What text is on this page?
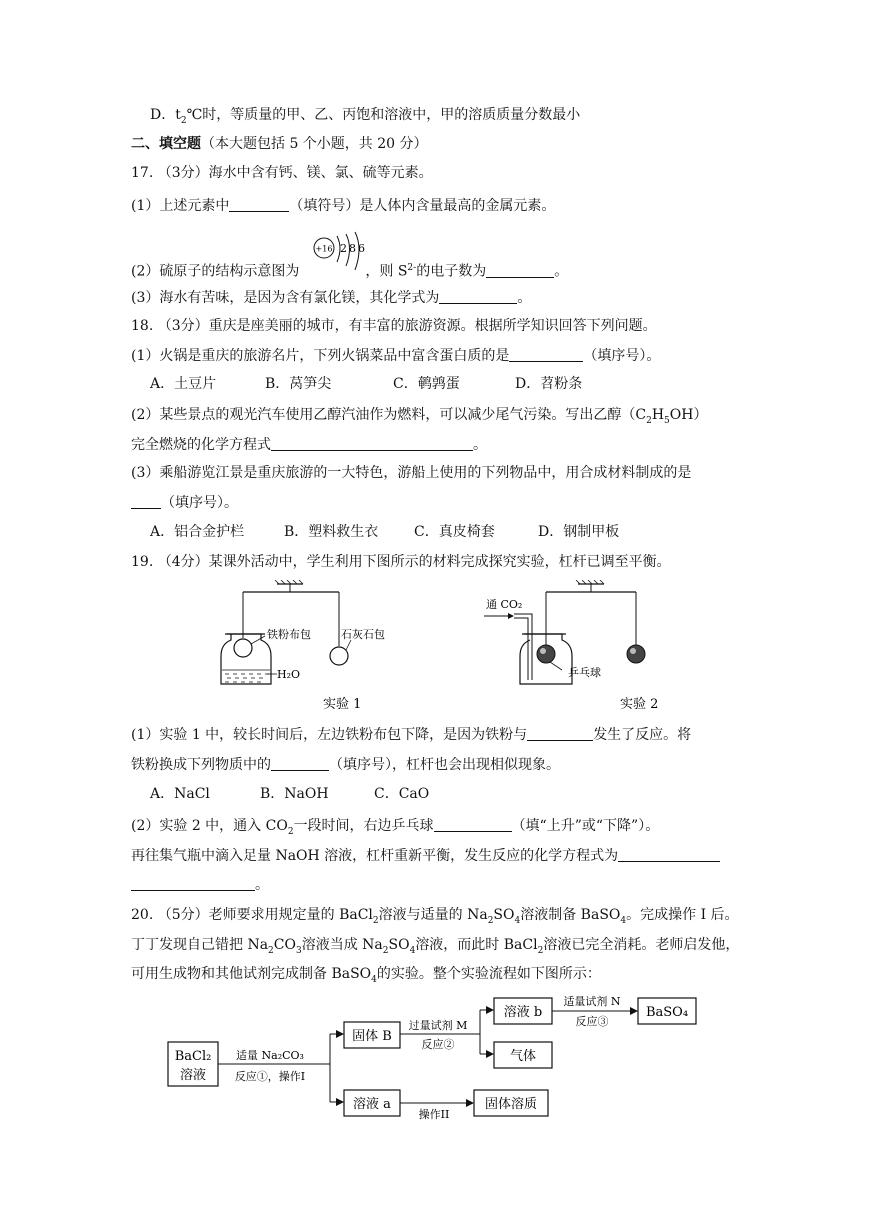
D．$t_2℃$时，等质量的甲、乙、丙饱和溶液中，甲的溶质质量分数最小
二、填空题（本大题包括 5 个小题，共 20 分）
17. （3分）海水中含有钙、镁、氯、硫等元素。
(1）上述元素中	（填符号）是人体内含量最高的金属元素。
(2）硫原子的结构示意图为	，则 $S^{2-}$的电子数为	。
+16 2 8 6
(3）海水有苦味，是因为含有氯化镁，其化学式为	。
18. （3分）重庆是座美丽的城市，有丰富的旅游资源。根据所学知识回答下列问题。
(1）火锅是重庆的旅游名片，下列火锅菜品中富含蛋白质的是	（填序号）。
A．土豆片	B．莴笋尖	C．鹌鹑蛋	D．苕粉条
(2）某些景点的观光汽车使用乙醇汽油作为燃料，可以减少尾气污染。写出乙醇$(C_2H_5OH)$
完全燃烧的化学方程式	。
(3）乘船游览江景是重庆旅游的一大特色，游船上使用的下列物品中，用合成材料制成的是
（填序号）。
A．铝合金护栏	B．塑料救生衣	C．真皮椅套	D．钢制甲板
19. （4分）某课外活动中，学生利用下图所示的材料完成探究实验，杠杆已调至平衡。
铁粉布包	石灰石包
H₂O
实验 1
通 CO₂
乒乓球
实验 2
(1）实验 1 中，较长时间后，左边铁粉布包下降，是因为铁粉与	发生了反应。将
铁粉换成下列物质中的	（填序号），杠杆也会出现相似现象。
A．NaCl	B．NaOH	C．CaO
(2）实验 2 中，通入 $CO_2$一段时间，右边乒乓球	（填“上升”或“下降”）。
再往集气瓶中滴入足量 NaOH 溶液，杠杆重新平衡，发生反应的化学方程式为
。
20. （5分）老师要求用规定量的 BaCl$_2$溶液与适量的 $Na_2SO_4$溶液制备 BaSO$_4$。完成操作 I 后。
丁丁发现自己错把 $Na_2CO_3$溶液当成 $Na_2SO_4$溶液，而此时 BaCl$_2$溶液已完全消耗。老师启发他，
可用生成物和其他试剂完成制备 BaSO$_4$的实验。整个实验流程如下图所示：
BaCl₂
溶液
适量 Na₂CO₃
反应①，操作I
固体 B
过量试剂 M
反应②
溶液 b
气体
适量试剂 N
反应③
BaSO₄
溶液 a
操作II
固体溶质
